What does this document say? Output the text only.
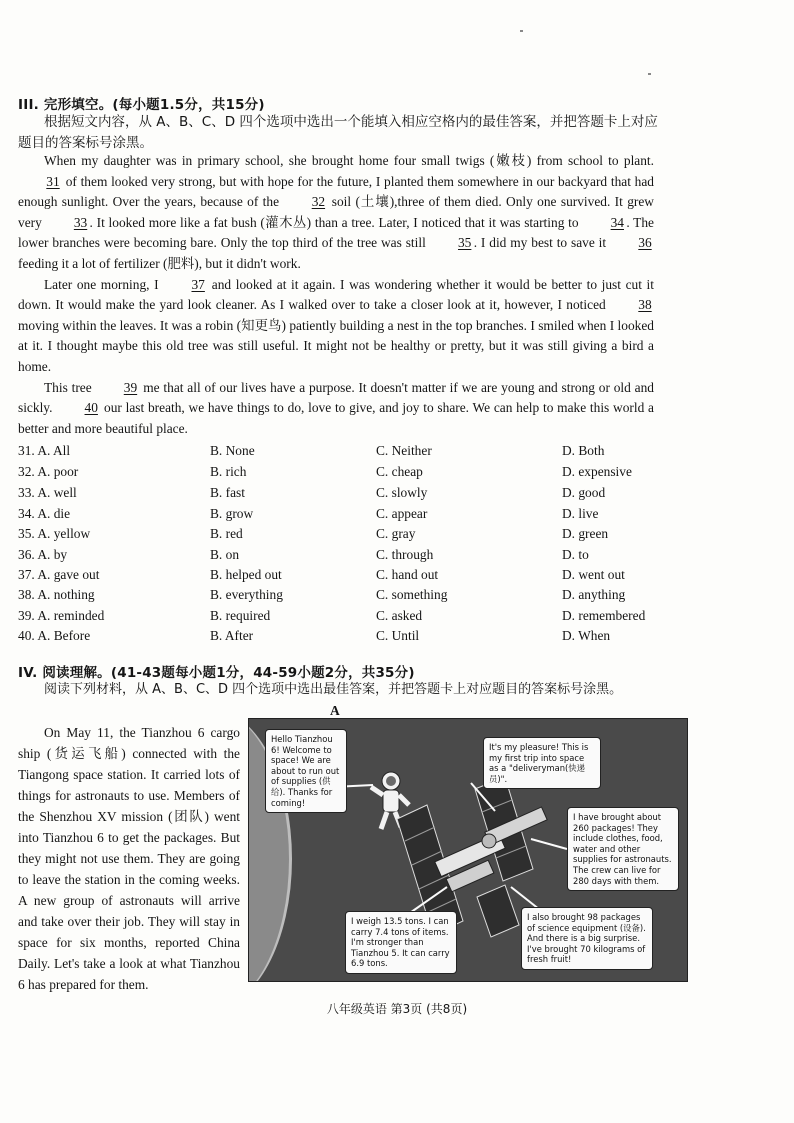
III. 完形填空。(每小题1.5分，共15分)
根据短文内容，从 A、B、C、D 四个选项中选出一个能填入相应空格内的最佳答案，并把答题卡上对应题目的答案标号涂黑。

When my daughter was in primary school, she brought home four small twigs (嫩枝) from school to plant. 31 of them looked very strong, but with hope for the future, I planted them somewhere in our backyard that had enough sunlight. Over the years, because of the 32 soil (土壤),three of them died. Only one survived. It grew very 33 . It looked more like a fat bush (灌木丛) than a tree. Later, I noticed that it was starting to 34 . The lower branches were becoming bare. Only the top third of the tree was still 35 . I did my best to save it 36 feeding it a lot of fertilizer (肥料), but it didn't work.

Later one morning, I 37 and looked at it again. I was wondering whether it would be better to just cut it down. It would make the yard look cleaner. As I walked over to take a closer look at it, however, I noticed 38 moving within the leaves. It was a robin (知更鸟) patiently building a nest in the top branches. I smiled when I looked at it. I thought maybe this old tree was still useful. It might not be healthy or pretty, but it was still giving a bird a home.

This tree 39 me that all of our lives have a purpose. It doesn't matter if we are young and strong or old and sickly. 40 our last breath, we have things to do, love to give, and joy to share. We can help to make this world a better and more beautiful place.

31. A. All	B. None	C. Neither	D. Both
32. A. poor	B. rich	C. cheap	D. expensive
33. A. well	B. fast	C. slowly	D. good
34. A. die	B. grow	C. appear	D. live
35. A. yellow	B. red	C. gray	D. green
36. A. by	B. on	C. through	D. to
37. A. gave out	B. helped out	C. hand out	D. went out
38. A. nothing	B. everything	C. something	D. anything
39. A. reminded	B. required	C. asked	D. remembered
40. A. Before	B. After	C. Until	D. When
IV. 阅读理解。(41-43题每小题1分，44-59小题2分，共35分)
阅读下列材料，从 A、B、C、D 四个选项中选出最佳答案，并把答题卡上对应题目的答案标号涂黑。
A

On May 11, the Tianzhou 6 cargo ship (货运飞船) connected with the Tiangong space station. It carried lots of things for astronauts to use. Members of the Shenzhou XV mission (团队) went into Tianzhou 6 to get the packages. But they might not use them. They are going to leave the station in the coming weeks. A new group of astronauts will arrive and take over their job. They will stay in space for six months, reported China Daily. Let's take a look at what Tianzhou 6 has prepared for them.

Hello Tianzhou 6! Welcome to space! We are about to run out of supplies (供给). Thanks for coming!
It's my pleasure! This is my first trip into space as a "deliveryman(快递员)".
I have brought about 260 packages! They include clothes, food, water and other supplies for astronauts. The crew can live for 280 days with them.
I weigh 13.5 tons. I can carry 7.4 tons of items. I'm stronger than Tianzhou 5. It can carry 6.9 tons.
I also brought 98 packages of science equipment (设备). And there is a big surprise. I've brought 70 kilograms of fresh fruit!
八年级英语 第3页 (共8页)
